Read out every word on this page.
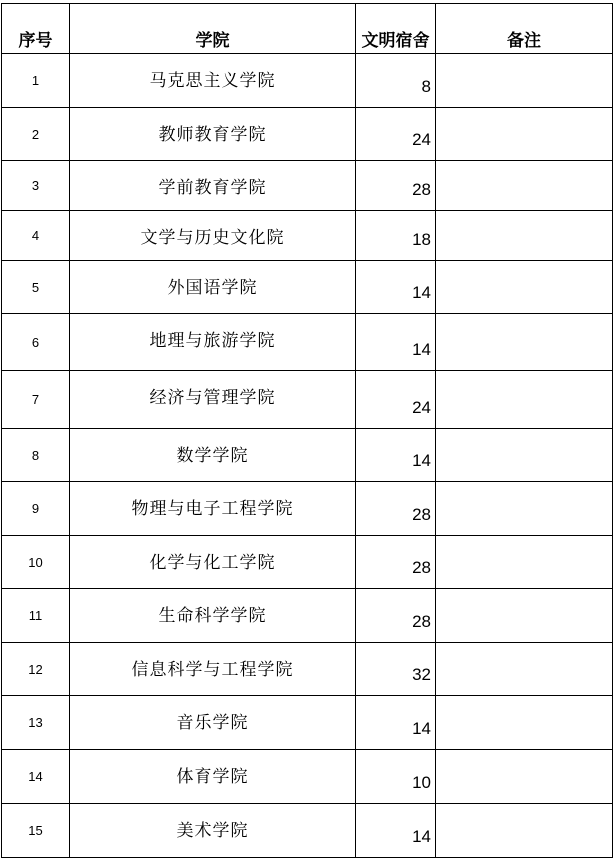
序号	学院	文明宿舍	备注
1	马克思主义学院	8	
2	教师教育学院	24	
3	学前教育学院	28	
4	文学与历史文化院	18	
5	外国语学院	14	
6	地理与旅游学院	14	
7	经济与管理学院	24	
8	数学学院	14	
9	物理与电子工程学院	28	
10	化学与化工学院	28	
11	生命科学学院	28	
12	信息科学与工程学院	32	
13	音乐学院	14	
14	体育学院	10	
15	美术学院	14	
